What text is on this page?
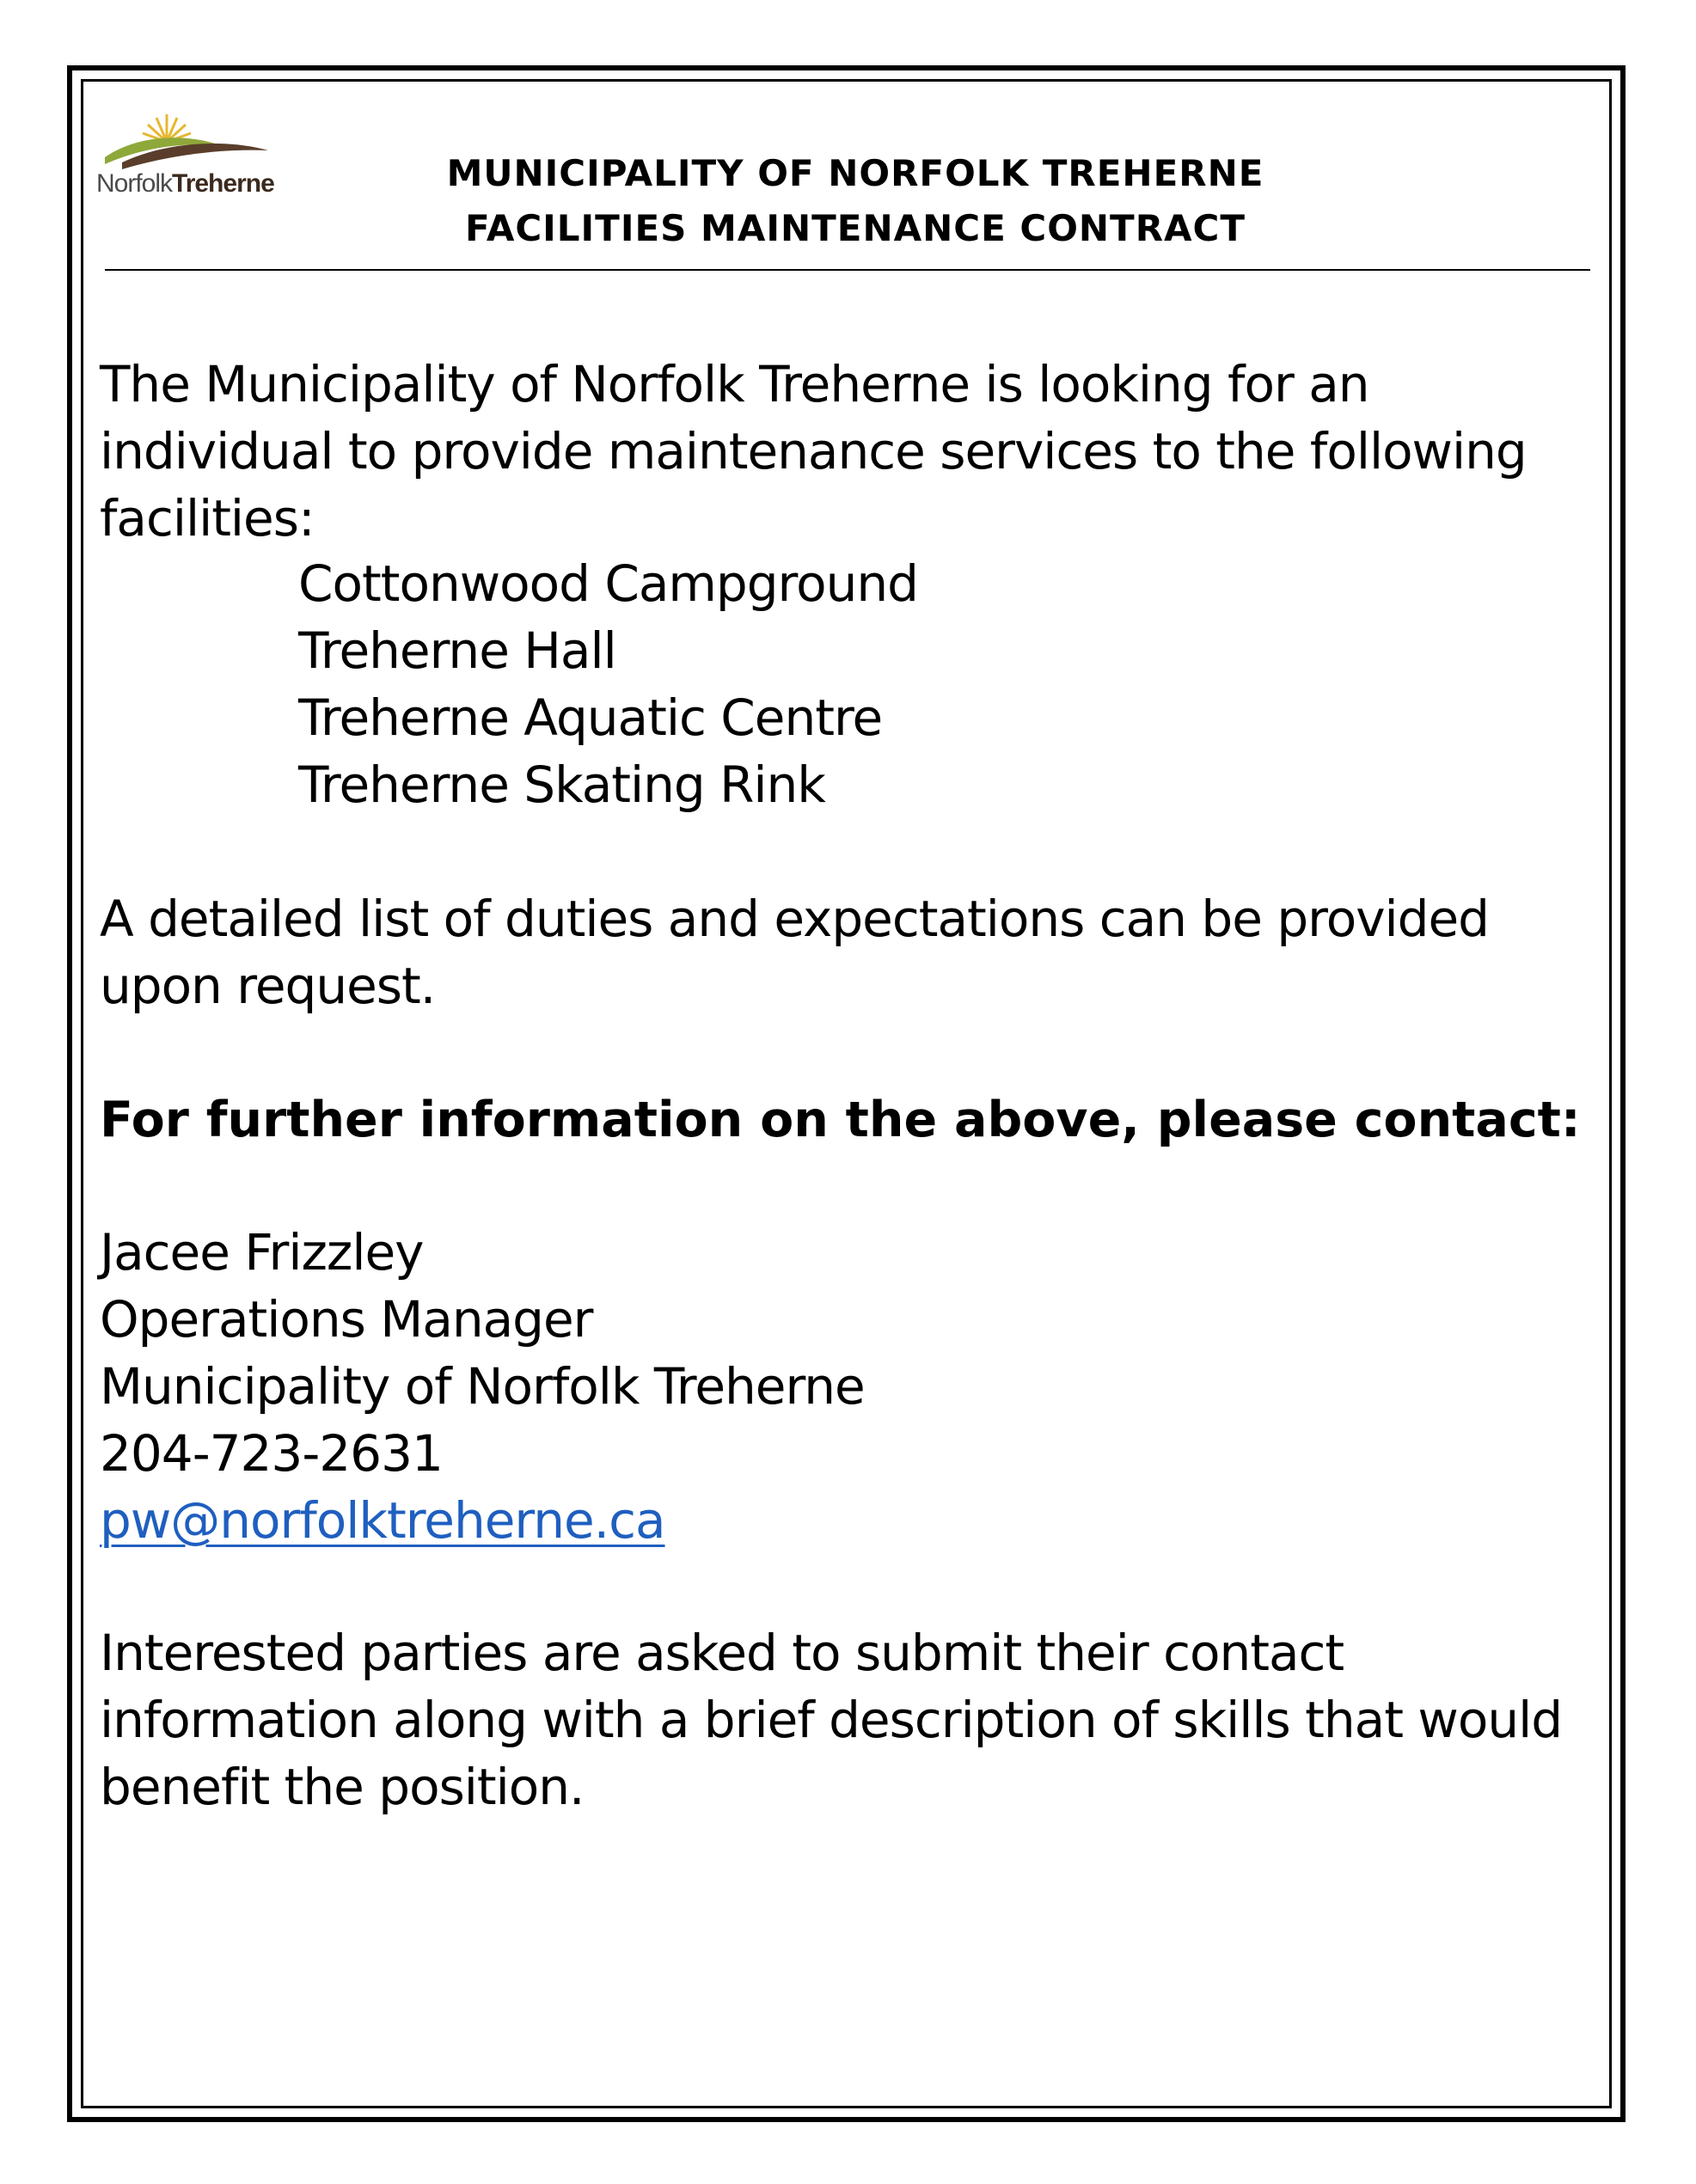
NorfolkTreherne	MUNICIPALITY OF NORFOLK TREHERNE
FACILITIES MAINTENANCE CONTRACT
The Municipality of Norfolk Treherne is looking for an
individual to provide maintenance services to the following
facilities:
Cottonwood Campground
Treherne Hall
Treherne Aquatic Centre
Treherne Skating Rink
A detailed list of duties and expectations can be provided
upon request.
For further information on the above, please contact:
Jacee Frizzley
Operations Manager
Municipality of Norfolk Treherne
204-723-2631
pw@norfolktreherne.ca
Interested parties are asked to submit their contact
information along with a brief description of skills that would
benefit the position.
